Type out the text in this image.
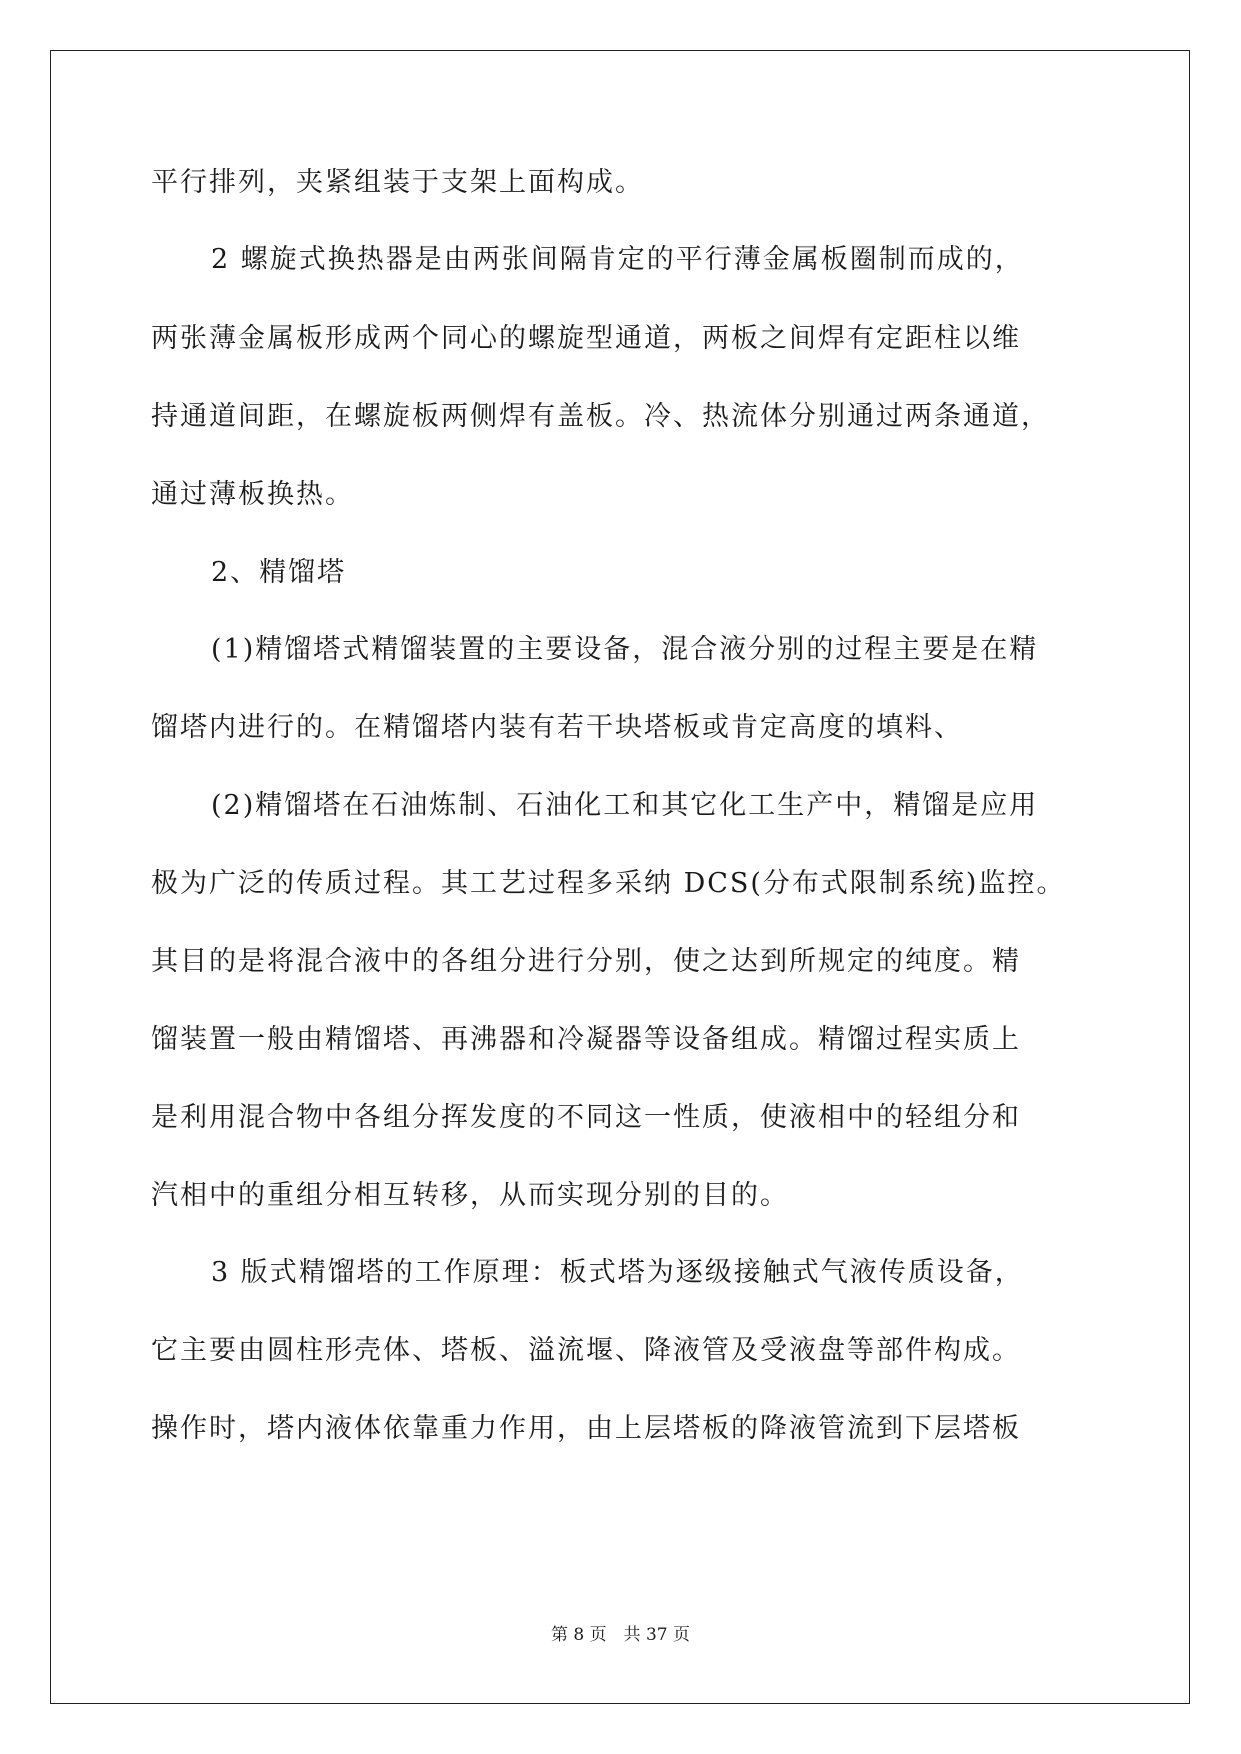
平行排列，夹紧组装于支架上面构成。
2 螺旋式换热器是由两张间隔肯定的平行薄金属板圈制而成的，
两张薄金属板形成两个同心的螺旋型通道，两板之间焊有定距柱以维
持通道间距，在螺旋板两侧焊有盖板。冷、热流体分别通过两条通道，
通过薄板换热。
2、精馏塔
(1)精馏塔式精馏装置的主要设备，混合液分别的过程主要是在精
馏塔内进行的。在精馏塔内装有若干块塔板或肯定高度的填料、
(2)精馏塔在石油炼制、石油化工和其它化工生产中，精馏是应用
极为广泛的传质过程。其工艺过程多采纳 DCS(分布式限制系统)监控。
其目的是将混合液中的各组分进行分别，使之达到所规定的纯度。精
馏装置一般由精馏塔、再沸器和冷凝器等设备组成。精馏过程实质上
是利用混合物中各组分挥发度的不同这一性质，使液相中的轻组分和
汽相中的重组分相互转移，从而实现分别的目的。
3 版式精馏塔的工作原理：板式塔为逐级接触式气液传质设备，
它主要由圆柱形壳体、塔板、溢流堰、降液管及受液盘等部件构成。
操作时，塔内液体依靠重力作用，由上层塔板的降液管流到下层塔板
第 8 页　共 37 页
